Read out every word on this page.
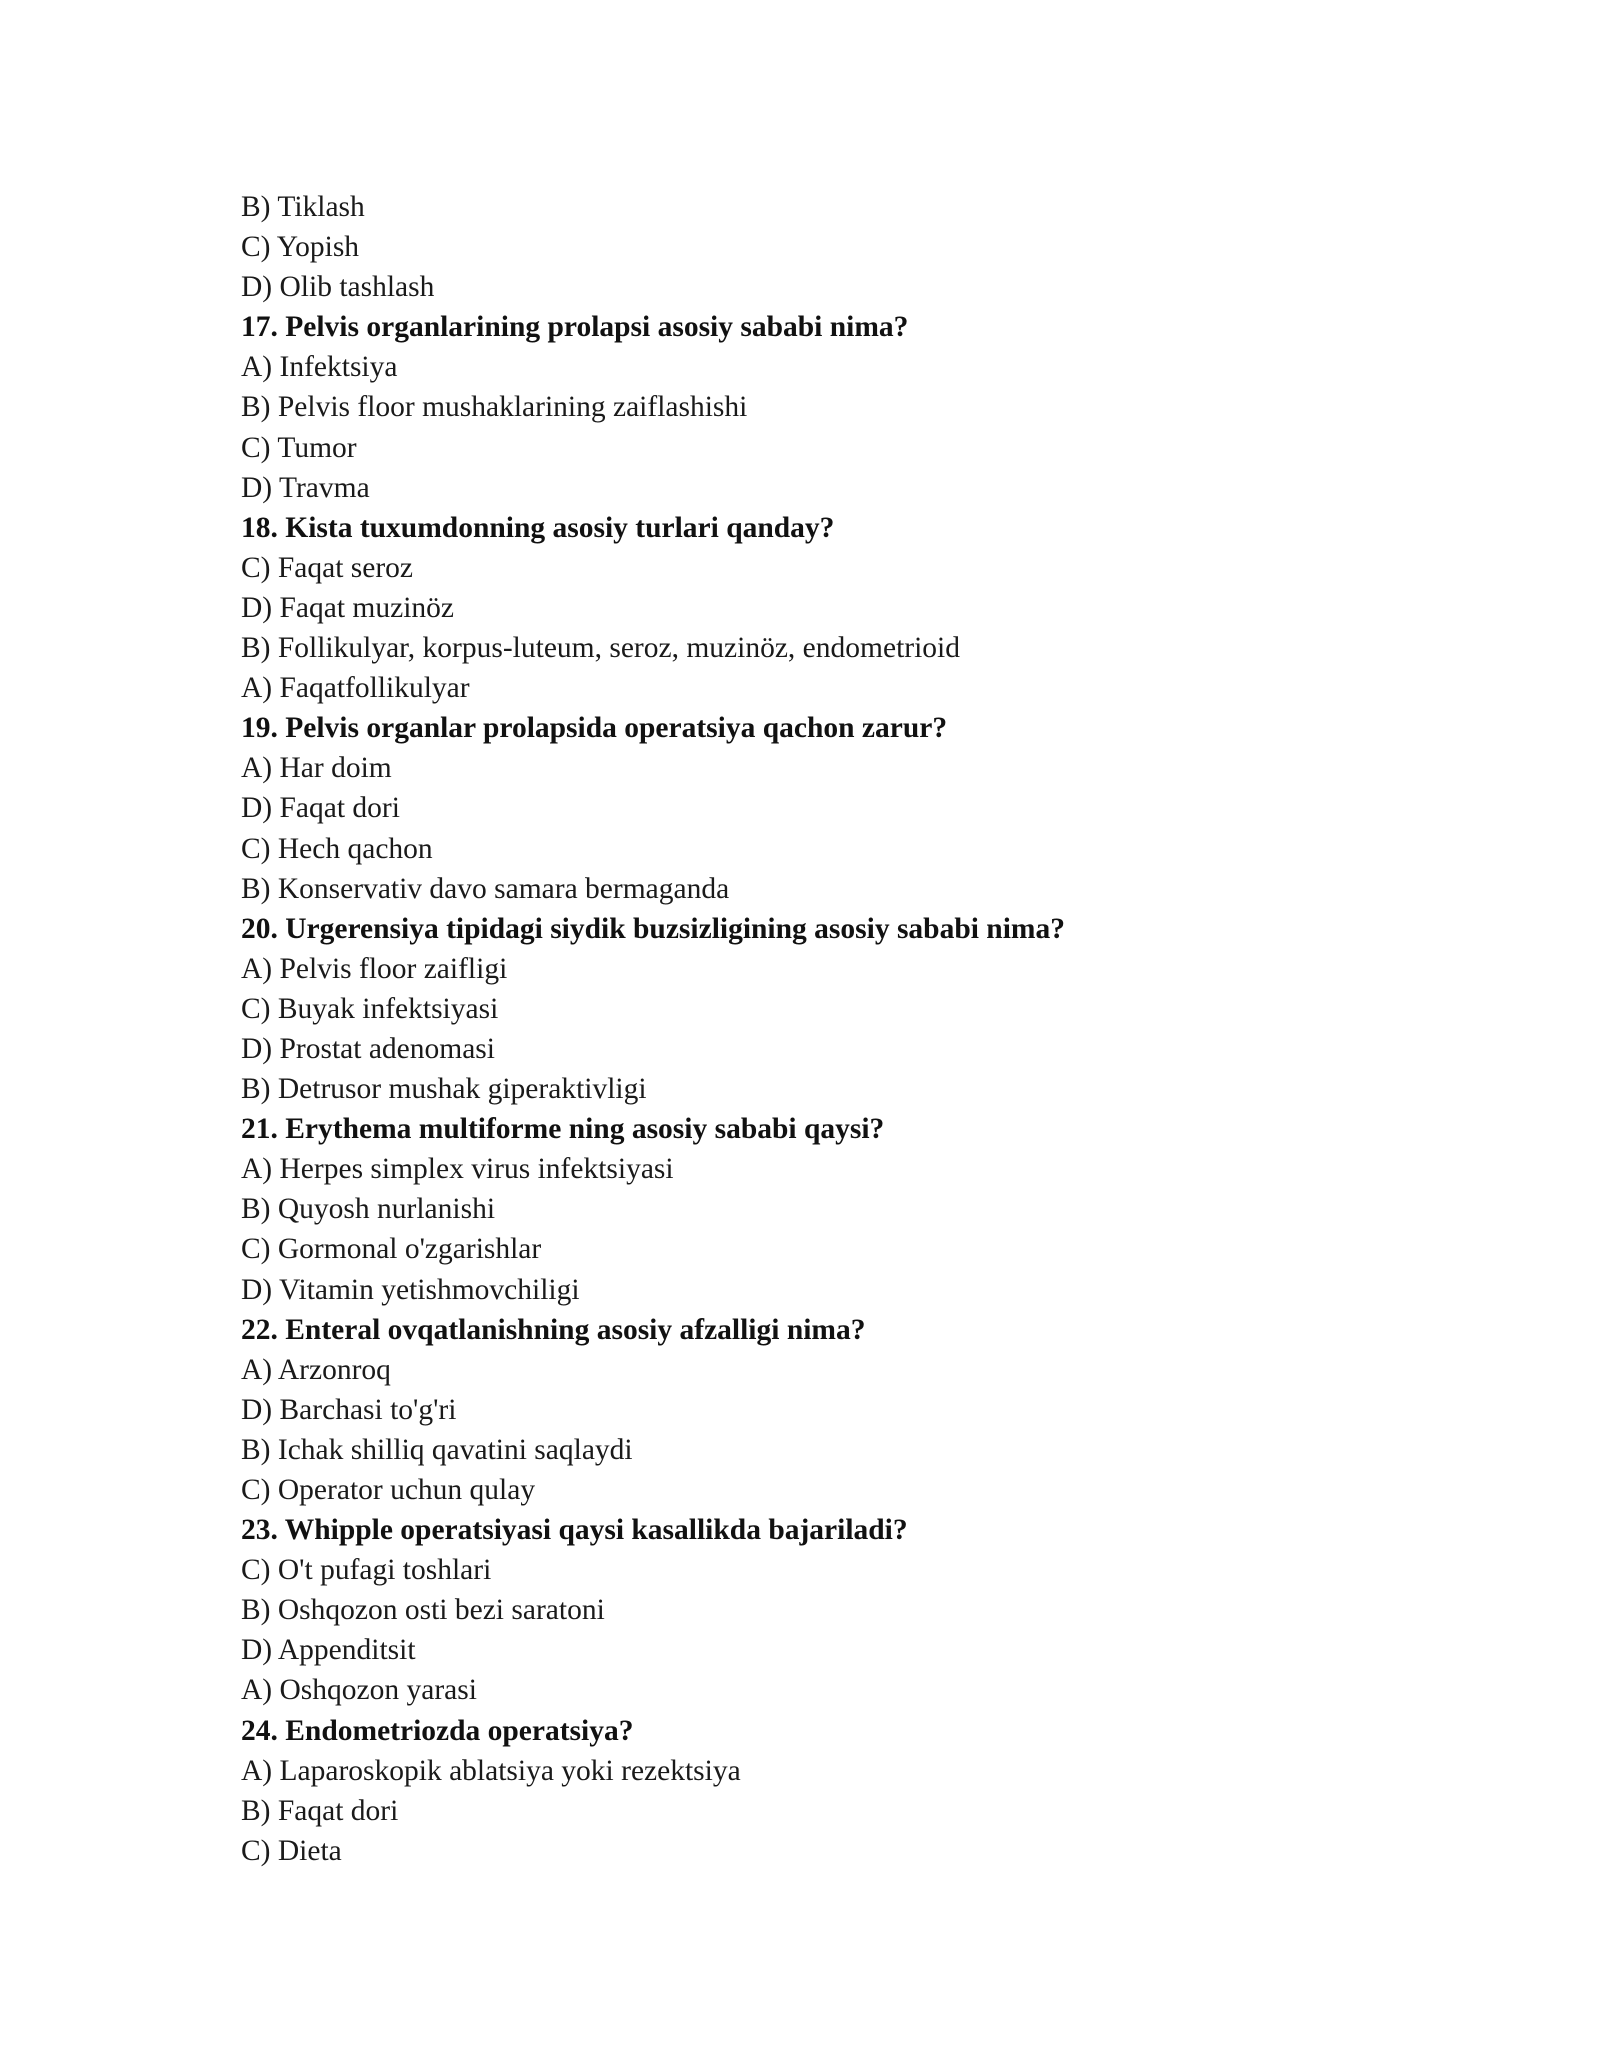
B) Tiklash
C) Yopish
D) Olib tashlash
17. Pelvis organlarining prolapsi asosiy sababi nima?
A) Infektsiya
B) Pelvis floor mushaklarining zaiflashishi
C) Tumor
D) Travma
18. Kista tuxumdonning asosiy turlari qanday?
C) Faqat seroz
D) Faqat muzinöz
B) Follikulyar, korpus-luteum, seroz, muzinöz, endometrioid
A) Faqatfollikulyar
19. Pelvis organlar prolapsida operatsiya qachon zarur?
A) Har doim
D) Faqat dori
C) Hech qachon
B) Konservativ davo samara bermaganda
20. Urgerensiya tipidagi siydik buzsizligining asosiy sababi nima?
A) Pelvis floor zaifligi
C) Buyak infektsiyasi
D) Prostat adenomasi
B) Detrusor mushak giperaktivligi
21. Erythema multiforme ning asosiy sababi qaysi?
A) Herpes simplex virus infektsiyasi
B) Quyosh nurlanishi
C) Gormonal o'zgarishlar
D) Vitamin yetishmovchiligi
22. Enteral ovqatlanishning asosiy afzalligi nima?
A) Arzonroq
D) Barchasi to'g'ri
B) Ichak shilliq qavatini saqlaydi
C) Operator uchun qulay
23. Whipple operatsiyasi qaysi kasallikda bajariladi?
C) O't pufagi toshlari
B) Oshqozon osti bezi saratoni
D) Appenditsit
A) Oshqozon yarasi
24. Endometriozda operatsiya?
A) Laparoskopik ablatsiya yoki rezektsiya
B) Faqat dori
C) Dieta
